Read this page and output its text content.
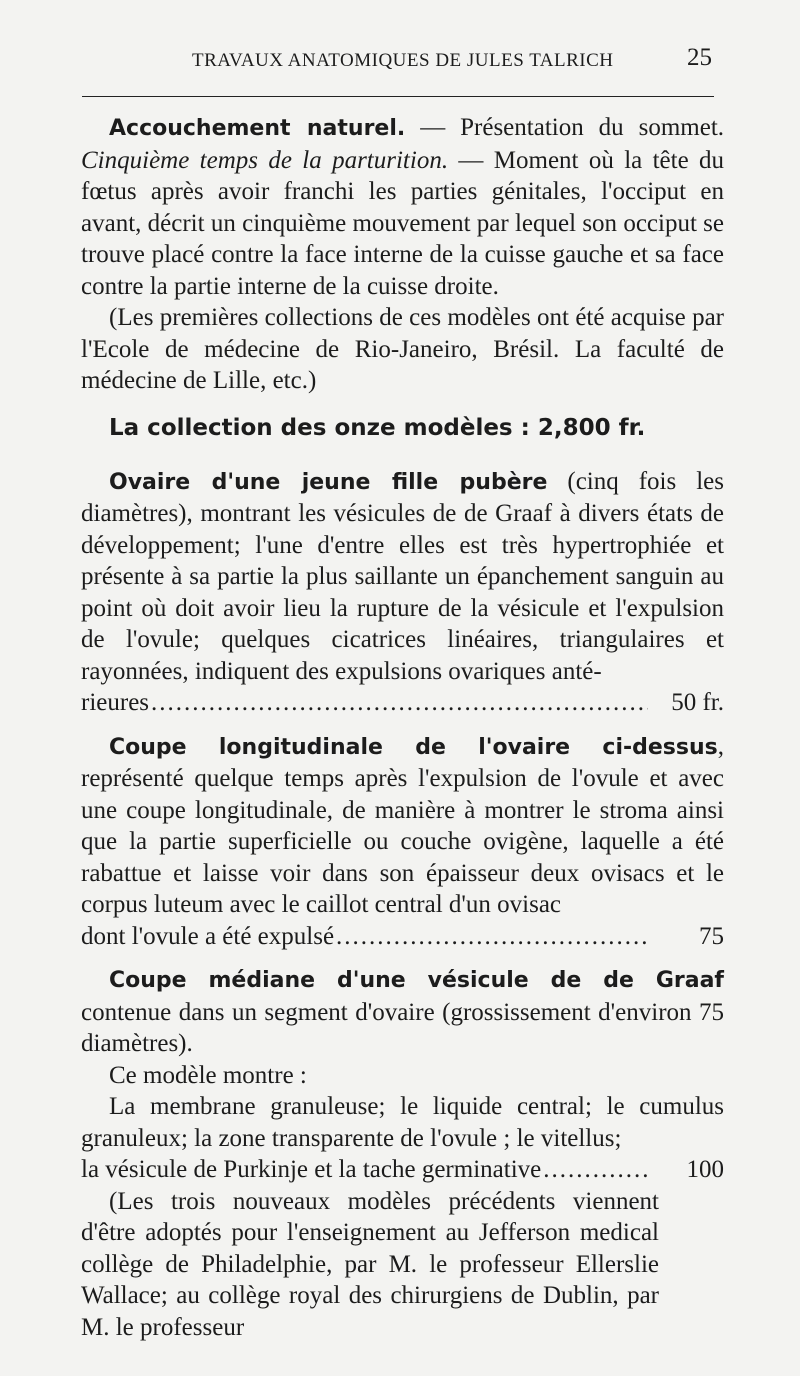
TRAVAUX ANATOMIQUES DE JULES TALRICH	25

Accouchement naturel. — Présentation du sommet. Cinquième temps de la parturition. — Moment où la tête du fœtus après avoir franchi les parties génitales, l'occiput en avant, décrit un cinquième mouvement par lequel son occiput se trouve placé contre la face interne de la cuisse gauche et sa face contre la partie interne de la cuisse droite.

(Les premières collections de ces modèles ont été acquise par l'Ecole de médecine de Rio-Janeiro, Brésil. La faculté de médecine de Lille, etc.)

La collection des onze modèles : 2,800 fr.

Ovaire d'une jeune fille pubère (cinq fois les diamètres), montrant les vésicules de de Graaf à divers états de développement; l'une d'entre elles est très hypertrophiée et présente à sa partie la plus saillante un épanchement sanguin au point où doit avoir lieu la rupture de la vésicule et l'expulsion de l'ovule; quelques cicatrices linéaires, triangulaires et rayonnées, indiquent des expulsions ovariques anté-

rieures .....	50 fr.

Coupe longitudinale de l'ovaire ci-dessus, représenté quelque temps après l'expulsion de l'ovule et avec une coupe longitudinale, de manière à montrer le stroma ainsi que la partie superficielle ou couche ovigène, laquelle a été rabattue et laisse voir dans son épaisseur deux ovisacs et le corpus luteum avec le caillot central d'un ovisac

dont l'ovule a été expulsé .....	75

Coupe médiane d'une vésicule de de Graaf contenue dans un segment d'ovaire (grossissement d'environ 75 diamètres).

Ce modèle montre :

La membrane granuleuse; le liquide central; le cumulus granuleux; la zone transparente de l'ovule ; le vitellus;

la vésicule de Purkinje et la tache germinative .....	100

(Les trois nouveaux modèles précédents viennent d'être adoptés pour l'enseignement au Jefferson medical collège de Philadelphie, par M. le professeur Ellerslie Wallace; au collège royal des chirurgiens de Dublin, par M. le professeur
